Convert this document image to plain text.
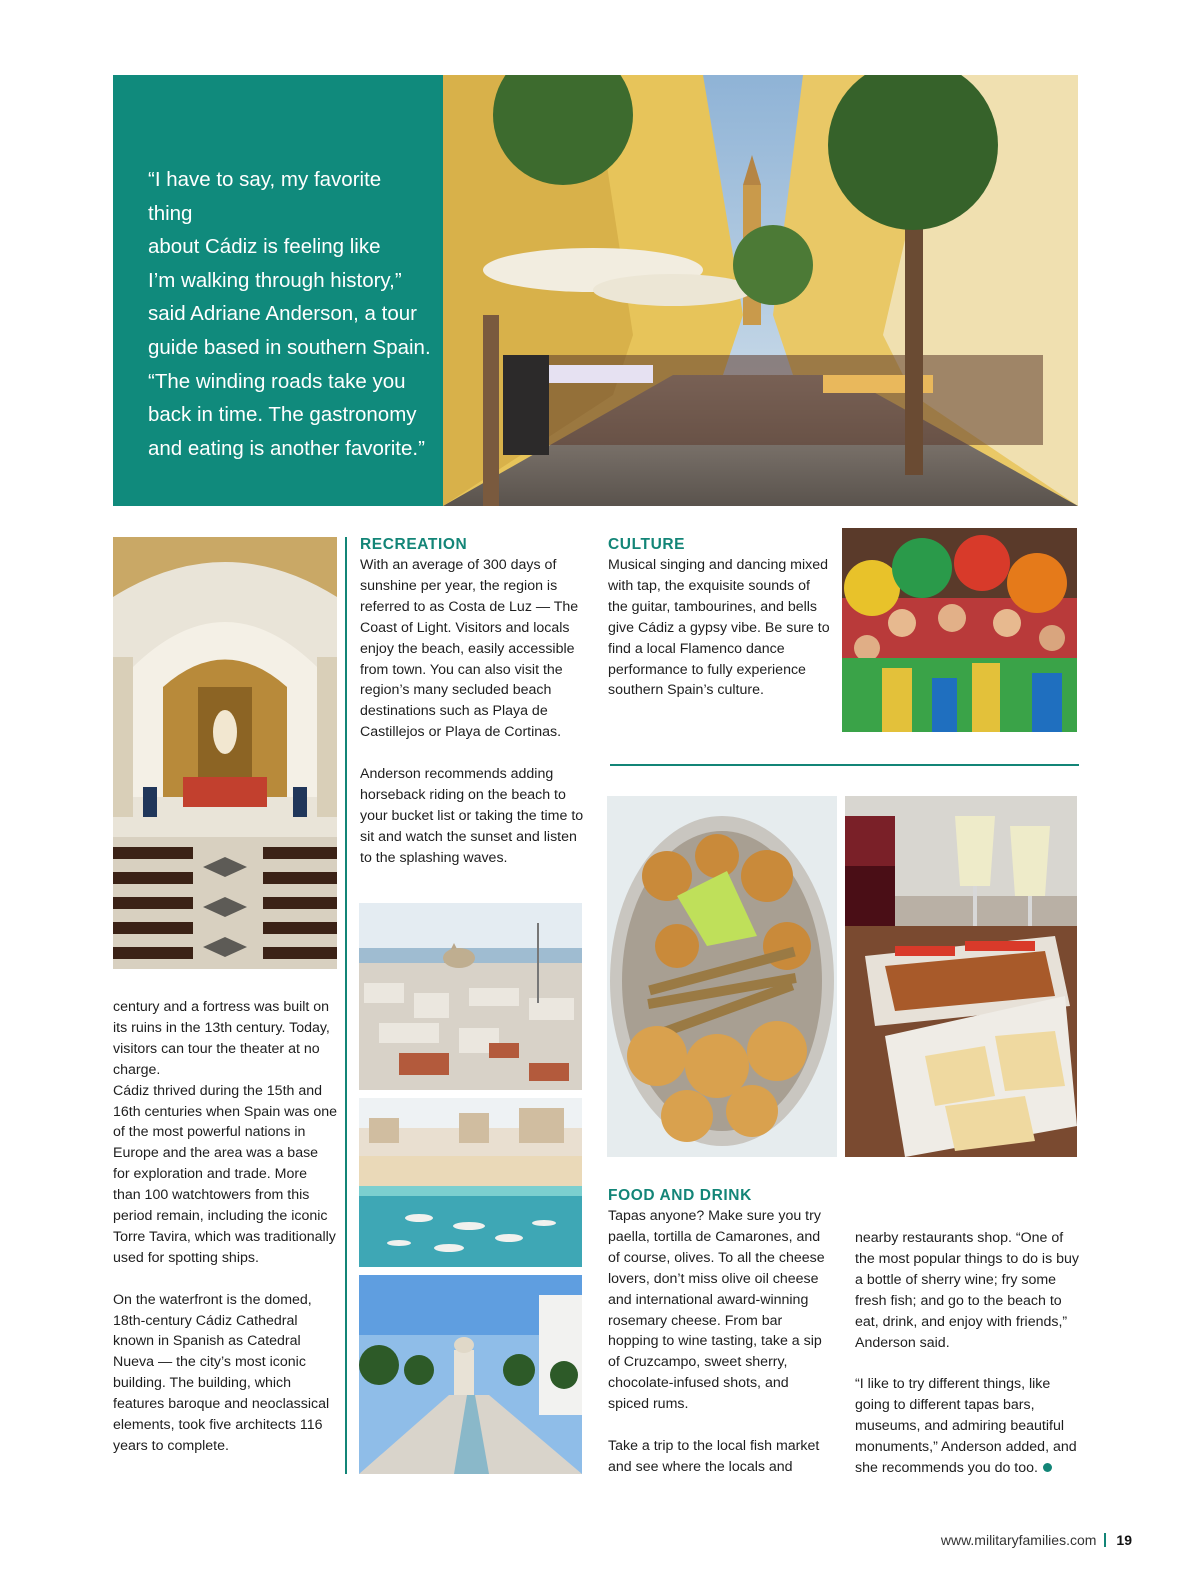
“I have to say, my favorite thing
about Cádiz is feeling like
I’m walking through history,”
said Adriane Anderson, a tour
guide based in southern Spain.
“The winding roads take you
back in time. The gastronomy
and eating is another favorite.”

century and a fortress was built on its ruins in the 13th century. Today, visitors can tour the theater at no charge.
Cádiz thrived during the 15th and 16th centuries when Spain was one of the most powerful nations in Europe and the area was a base for exploration and trade. More than 100 watchtowers from this period remain, including the iconic Torre Tavira, which was traditionally used for spotting ships.

On the waterfront is the domed, 18th-century Cádiz Cathedral known in Spanish as Catedral Nueva — the city’s most iconic building. The building, which features baroque and neoclassical elements, took five architects 116 years to complete.

RECREATION

With an average of 300 days of sunshine per year, the region is referred to as Costa de Luz — The Coast of Light. Visitors and locals enjoy the beach, easily accessible from town. You can also visit the region’s many secluded beach destinations such as Playa de Castillejos or Playa de Cortinas.

Anderson recommends adding horseback riding on the beach to your bucket list or taking the time to sit and watch the sunset and listen to the splashing waves.

CULTURE

Musical singing and dancing mixed with tap, the exquisite sounds of the guitar, tambourines, and bells give Cádiz a gypsy vibe. Be sure to find a local Flamenco dance performance to fully experience southern Spain’s culture.

FOOD AND DRINK

Tapas anyone? Make sure you try paella, tortilla de Camarones, and of course, olives. To all the cheese lovers, don’t miss olive oil cheese and international award-winning rosemary cheese. From bar hopping to wine tasting, take a sip of Cruzcampo, sweet sherry, chocolate-infused shots, and spiced rums.

Take a trip to the local fish market and see where the locals and

nearby restaurants shop. “One of the most popular things to do is buy a bottle of sherry wine; fry some fresh fish; and go to the beach to eat, drink, and enjoy with friends,” Anderson said.

“I like to try different things, like going to different tapas bars, museums, and admiring beautiful monuments,” Anderson added, and she recommends you do too.

www.militaryfamilies.com 19
